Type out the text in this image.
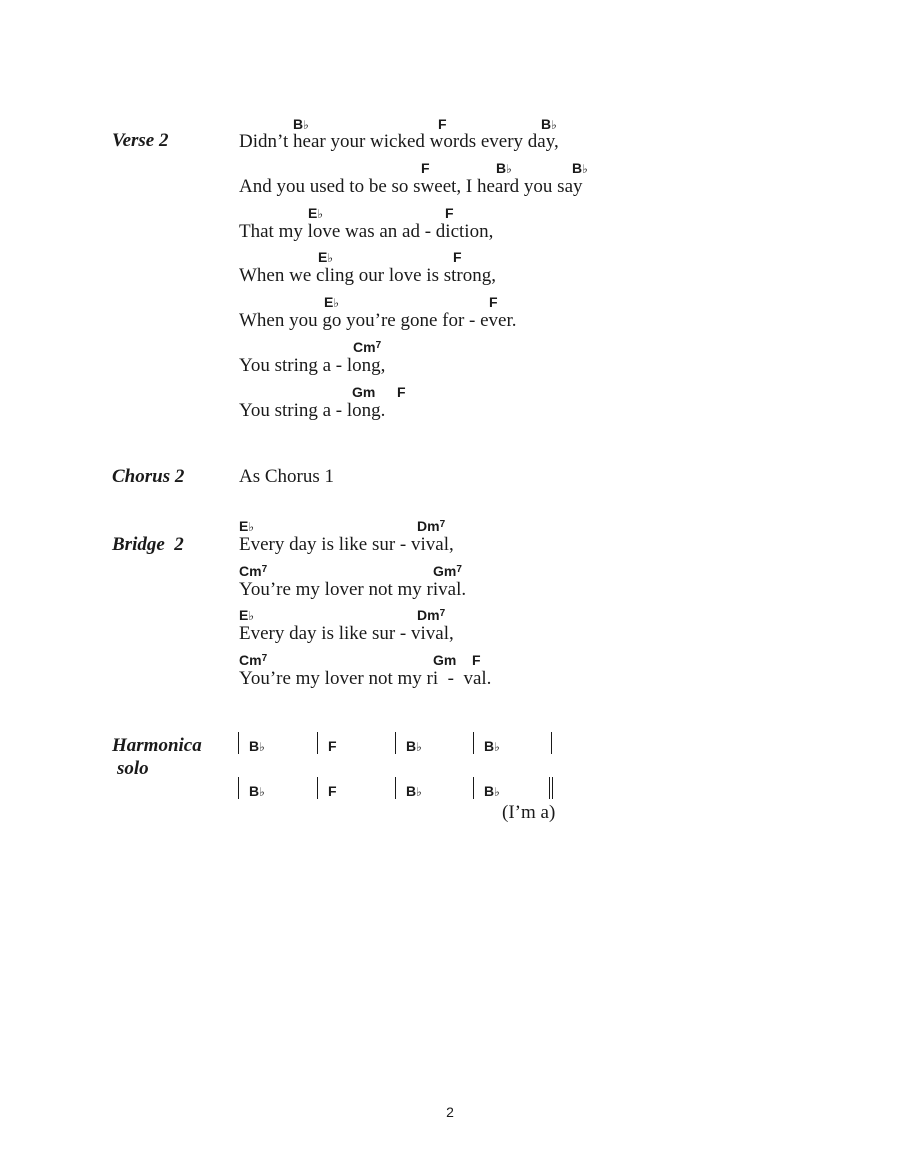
Verse 2
B♭	F	B♭
Didn’t hear your wicked words every day,
F	B♭	B♭
And you used to be so sweet, I heard you say
E♭	F
That my love was an ad - diction,
E♭	F
When we cling our love is strong,
E♭	F
When you go you’re gone for - ever.
Cm$^7$
You string a - long,
Gm F
You string a - long.
Chorus 2	As Chorus 1
Bridge  2
E♭	Dm$^7$
Every day is like sur - vival,
Cm$^7$	Gm$^7$
You’re my lover not my rival.
E♭	Dm$^7$
Every day is like sur - vival,
Cm$^7$	Gm F
You’re my lover not my ri  -  val.
Harmonica
solo
B♭	F	B♭	B♭
B♭	F	B♭	B♭
(I’m a)
2
